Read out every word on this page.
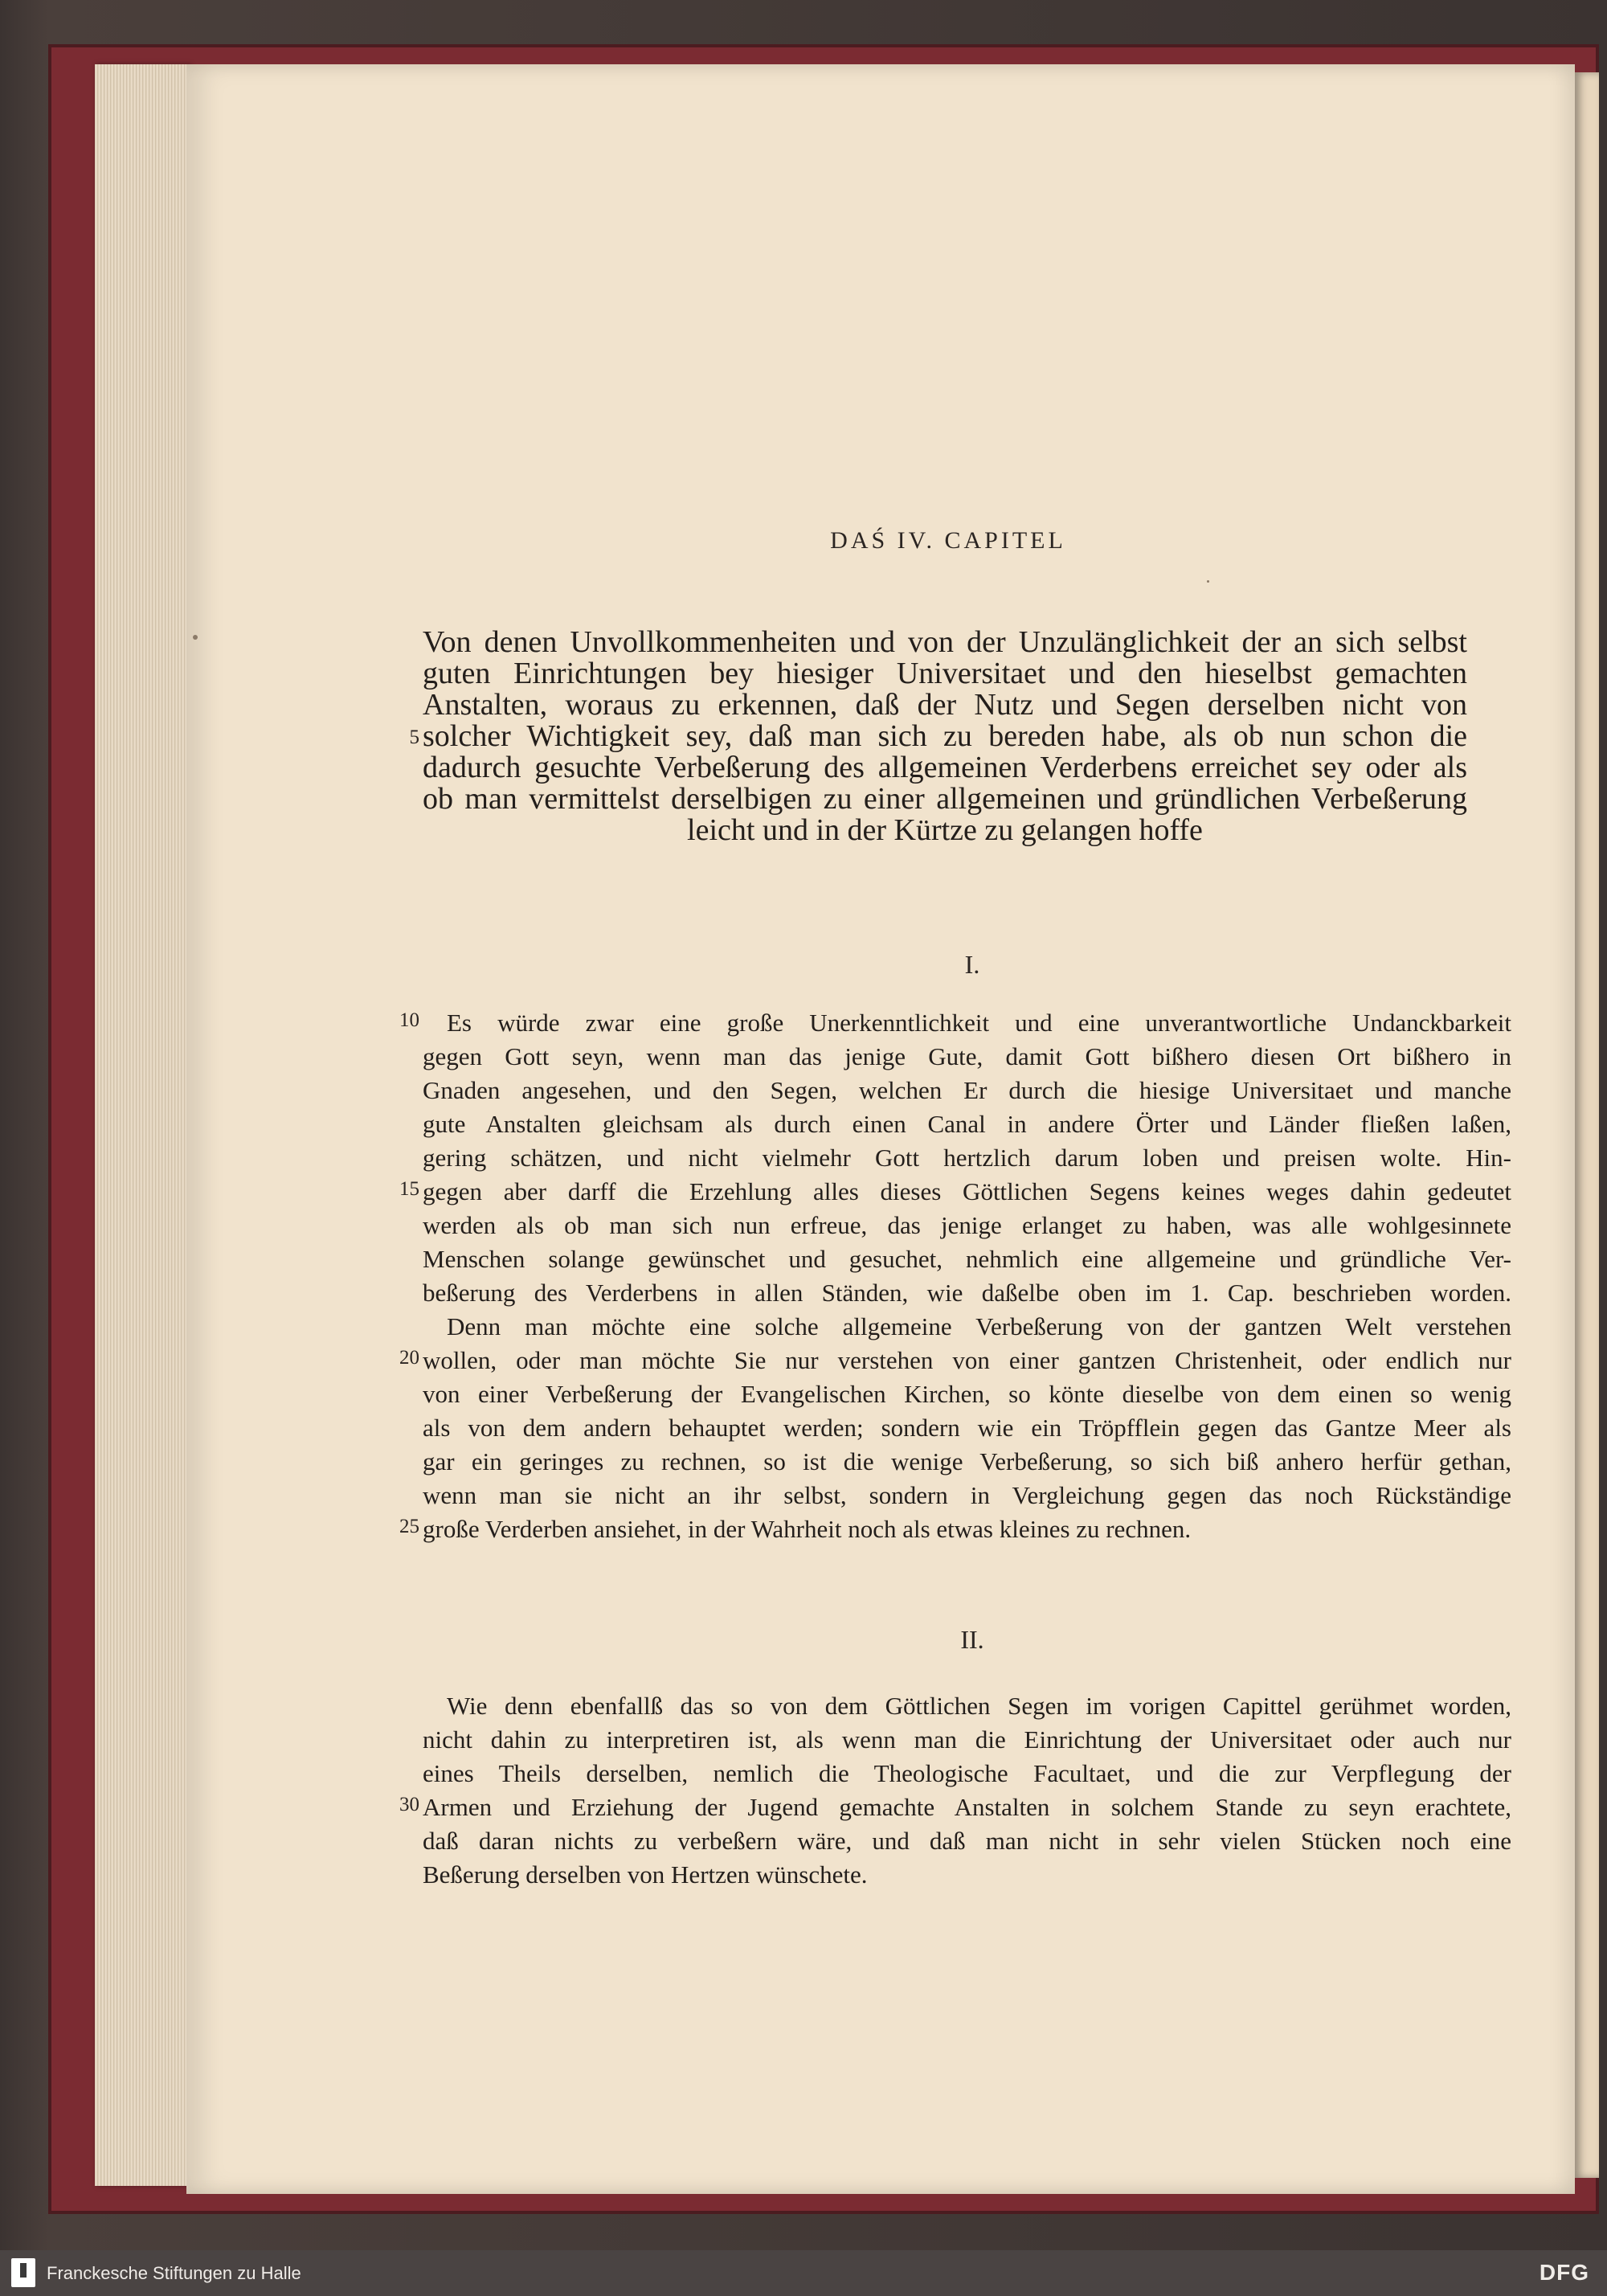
DAŚ IV. CAPITEL
Von denen Unvollkommenheiten und von der Unzulänglichkeit der an sich selbst
guten Einrichtungen bey hiesiger Universitaet und den hieselbst gemachten
Anstalten, woraus zu erkennen, daß der Nutz und Segen derselben nicht von
solcher Wichtigkeit sey, daß man sich zu bereden habe, als ob nun schon die
dadurch gesuchte Verbeßerung des allgemeinen Verderbens erreichet sey oder als
ob man vermittelst derselbigen zu einer allgemeinen und gründlichen Verbeßerung
leicht und in der Kürtze zu gelangen hoffe
5
I.
Es würde zwar eine große Unerkenntlichkeit und eine unverantwortliche Undanckbarkeit
gegen Gott seyn, wenn man das jenige Gute, damit Gott bißhero diesen Ort bißhero in
Gnaden angesehen, und den Segen, welchen Er durch die hiesige Universitaet und manche
gute Anstalten gleichsam als durch einen Canal in andere Örter und Länder fließen laßen,
gering schätzen, und nicht vielmehr Gott hertzlich darum loben und preisen wolte. Hin-
gegen aber darff die Erzehlung alles dieses Göttlichen Segens keines weges dahin gedeutet
werden als ob man sich nun erfreue, das jenige erlanget zu haben, was alle wohlgesinnete
Menschen solange gewünschet und gesuchet, nehmlich eine allgemeine und gründliche Ver-
beßerung des Verderbens in allen Ständen, wie daßelbe oben im 1. Cap. beschrieben worden.
Denn man möchte eine solche allgemeine Verbeßerung von der gantzen Welt verstehen
wollen, oder man möchte Sie nur verstehen von einer gantzen Christenheit, oder endlich nur
von einer Verbeßerung der Evangelischen Kirchen, so könte dieselbe von dem einen so wenig
als von dem andern behauptet werden; sondern wie ein Tröpfflein gegen das Gantze Meer als
gar ein geringes zu rechnen, so ist die wenige Verbeßerung, so sich biß anhero herfür gethan,
wenn man sie nicht an ihr selbst, sondern in Vergleichung gegen das noch Rückständige
große Verderben ansiehet, in der Wahrheit noch als etwas kleines zu rechnen.
10
15
20
25
II.
Wie denn ebenfallß das so von dem Göttlichen Segen im vorigen Capittel gerühmet worden,
nicht dahin zu interpretiren ist, als wenn man die Einrichtung der Universitaet oder auch nur
eines Theils derselben, nemlich die Theologische Facultaet, und die zur Verpflegung der
Armen und Erziehung der Jugend gemachte Anstalten in solchem Stande zu seyn erachtete,
daß daran nichts zu verbeßern wäre, und daß man nicht in sehr vielen Stücken noch eine
Beßerung derselben von Hertzen wünschete.
30
Franckesche Stiftungen zu Halle	DFG
